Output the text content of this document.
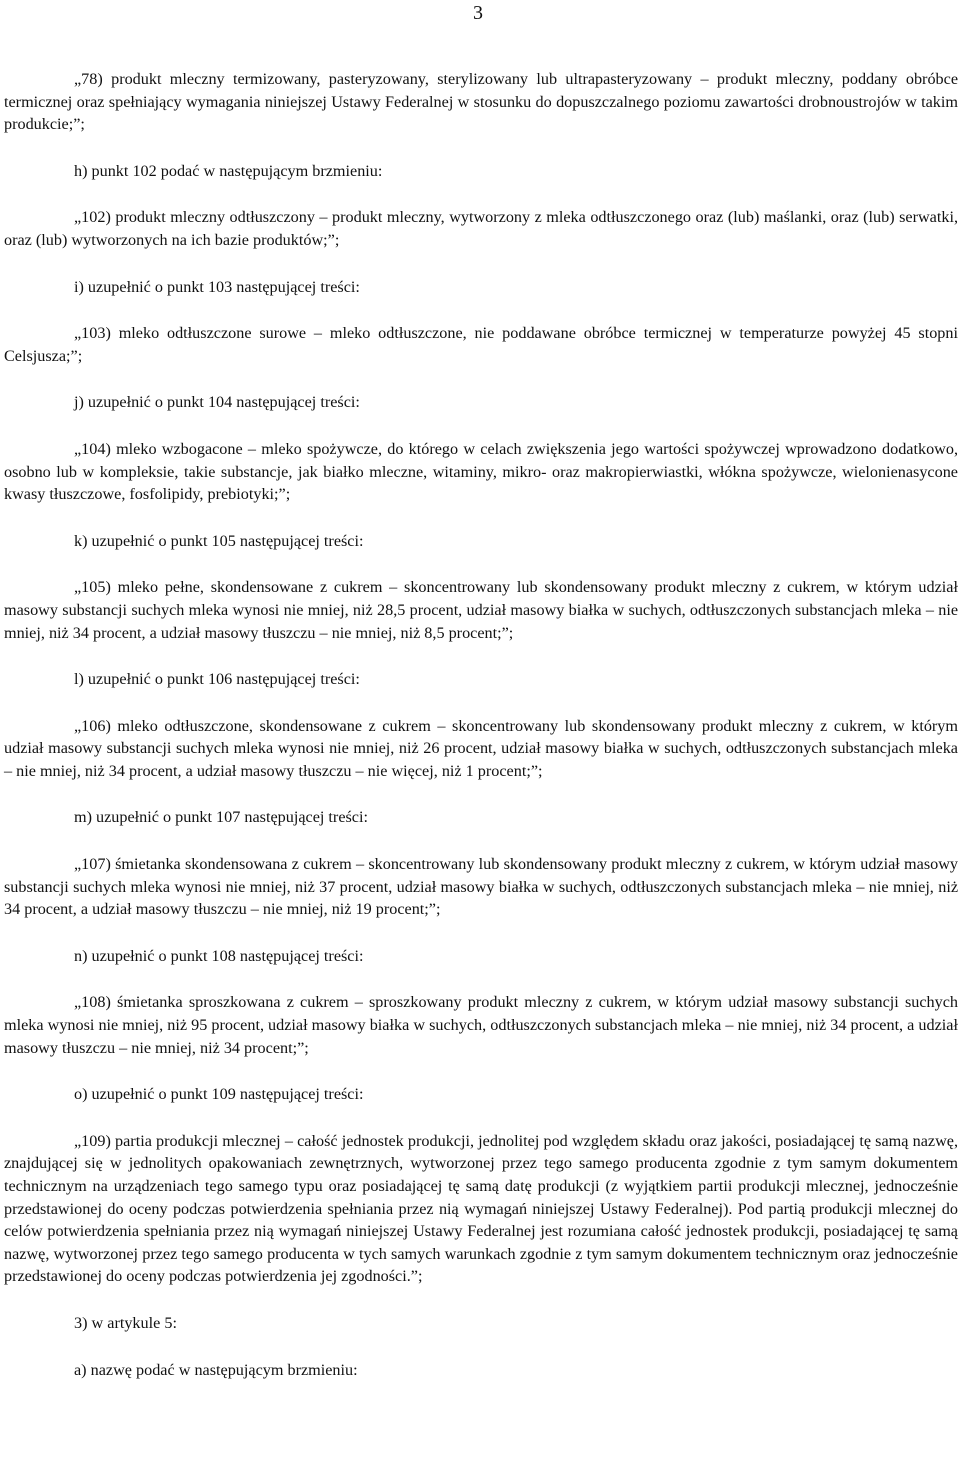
3

„78) produkt mleczny termizowany, pasteryzowany, sterylizowany lub ultrapasteryzowany – produkt mleczny, poddany obróbce termicznej oraz spełniający wymagania niniejszej Ustawy Federalnej w stosunku do dopuszczalnego poziomu zawartości drobnoustrojów w takim produkcie;”;

h) punkt 102 podać w następującym brzmieniu:

„102) produkt mleczny odtłuszczony – produkt mleczny, wytworzony z mleka odtłuszczonego oraz (lub) maślanki, oraz (lub) serwatki, oraz (lub) wytworzonych na ich bazie produktów;”;

i) uzupełnić o punkt 103 następującej treści:

„103) mleko odtłuszczone surowe – mleko odtłuszczone, nie poddawane obróbce termicznej w temperaturze powyżej 45 stopni Celsjusza;”;

j) uzupełnić o punkt 104 następującej treści:

„104) mleko wzbogacone – mleko spożywcze, do którego w celach zwiększenia jego wartości spożywczej wprowadzono dodatkowo, osobno lub w kompleksie, takie substancje, jak białko mleczne, witaminy, mikro- oraz makropierwiastki, włókna spożywcze, wielonienasycone kwasy tłuszczowe, fosfolipidy, prebiotyki;”;

k) uzupełnić o punkt 105 następującej treści:

„105) mleko pełne, skondensowane z cukrem – skoncentrowany lub skondensowany produkt mleczny z cukrem, w którym udział masowy substancji suchych mleka wynosi nie mniej, niż 28,5 procent, udział masowy białka w suchych, odtłuszczonych substancjach mleka – nie mniej, niż 34 procent, a udział masowy tłuszczu – nie mniej, niż 8,5 procent;”;

l) uzupełnić o punkt 106 następującej treści:

„106) mleko odtłuszczone, skondensowane z cukrem – skoncentrowany lub skondensowany produkt mleczny z cukrem, w którym udział masowy substancji suchych mleka wynosi nie mniej, niż 26 procent, udział masowy białka w suchych, odtłuszczonych substancjach mleka – nie mniej, niż 34 procent, a udział masowy tłuszczu – nie więcej, niż 1 procent;”;

m) uzupełnić o punkt 107 następującej treści:

„107) śmietanka skondensowana z cukrem – skoncentrowany lub skondensowany produkt mleczny z cukrem, w którym udział masowy substancji suchych mleka wynosi nie mniej, niż 37 procent, udział masowy białka w suchych, odtłuszczonych substancjach mleka – nie mniej, niż 34 procent, a udział masowy tłuszczu – nie mniej, niż 19 procent;”;

n) uzupełnić o punkt 108 następującej treści:

„108) śmietanka sproszkowana z cukrem – sproszkowany produkt mleczny z cukrem, w którym udział masowy substancji suchych mleka wynosi nie mniej, niż 95 procent, udział masowy białka w suchych, odtłuszczonych substancjach mleka – nie mniej, niż 34 procent, a udział masowy tłuszczu – nie mniej, niż 34 procent;”;

o) uzupełnić o punkt 109 następującej treści:

„109) partia produkcji mlecznej – całość jednostek produkcji, jednolitej pod względem składu oraz jakości, posiadającej tę samą nazwę, znajdującej się w jednolitych opakowaniach zewnętrznych, wytworzonej przez tego samego producenta zgodnie z tym samym dokumentem technicznym na urządzeniach tego samego typu oraz posiadającej tę samą datę produkcji (z wyjątkiem partii produkcji mlecznej, jednocześnie przedstawionej do oceny podczas potwierdzenia spełniania przez nią wymagań niniejszej Ustawy Federalnej). Pod partią produkcji mlecznej do celów potwierdzenia spełniania przez nią wymagań niniejszej Ustawy Federalnej jest rozumiana całość jednostek produkcji, posiadającej tę samą nazwę, wytworzonej przez tego samego producenta w tych samych warunkach zgodnie z tym samym dokumentem technicznym oraz jednocześnie przedstawionej do oceny podczas potwierdzenia jej zgodności.”;

3) w artykule 5:

a) nazwę podać w następującym brzmieniu:
